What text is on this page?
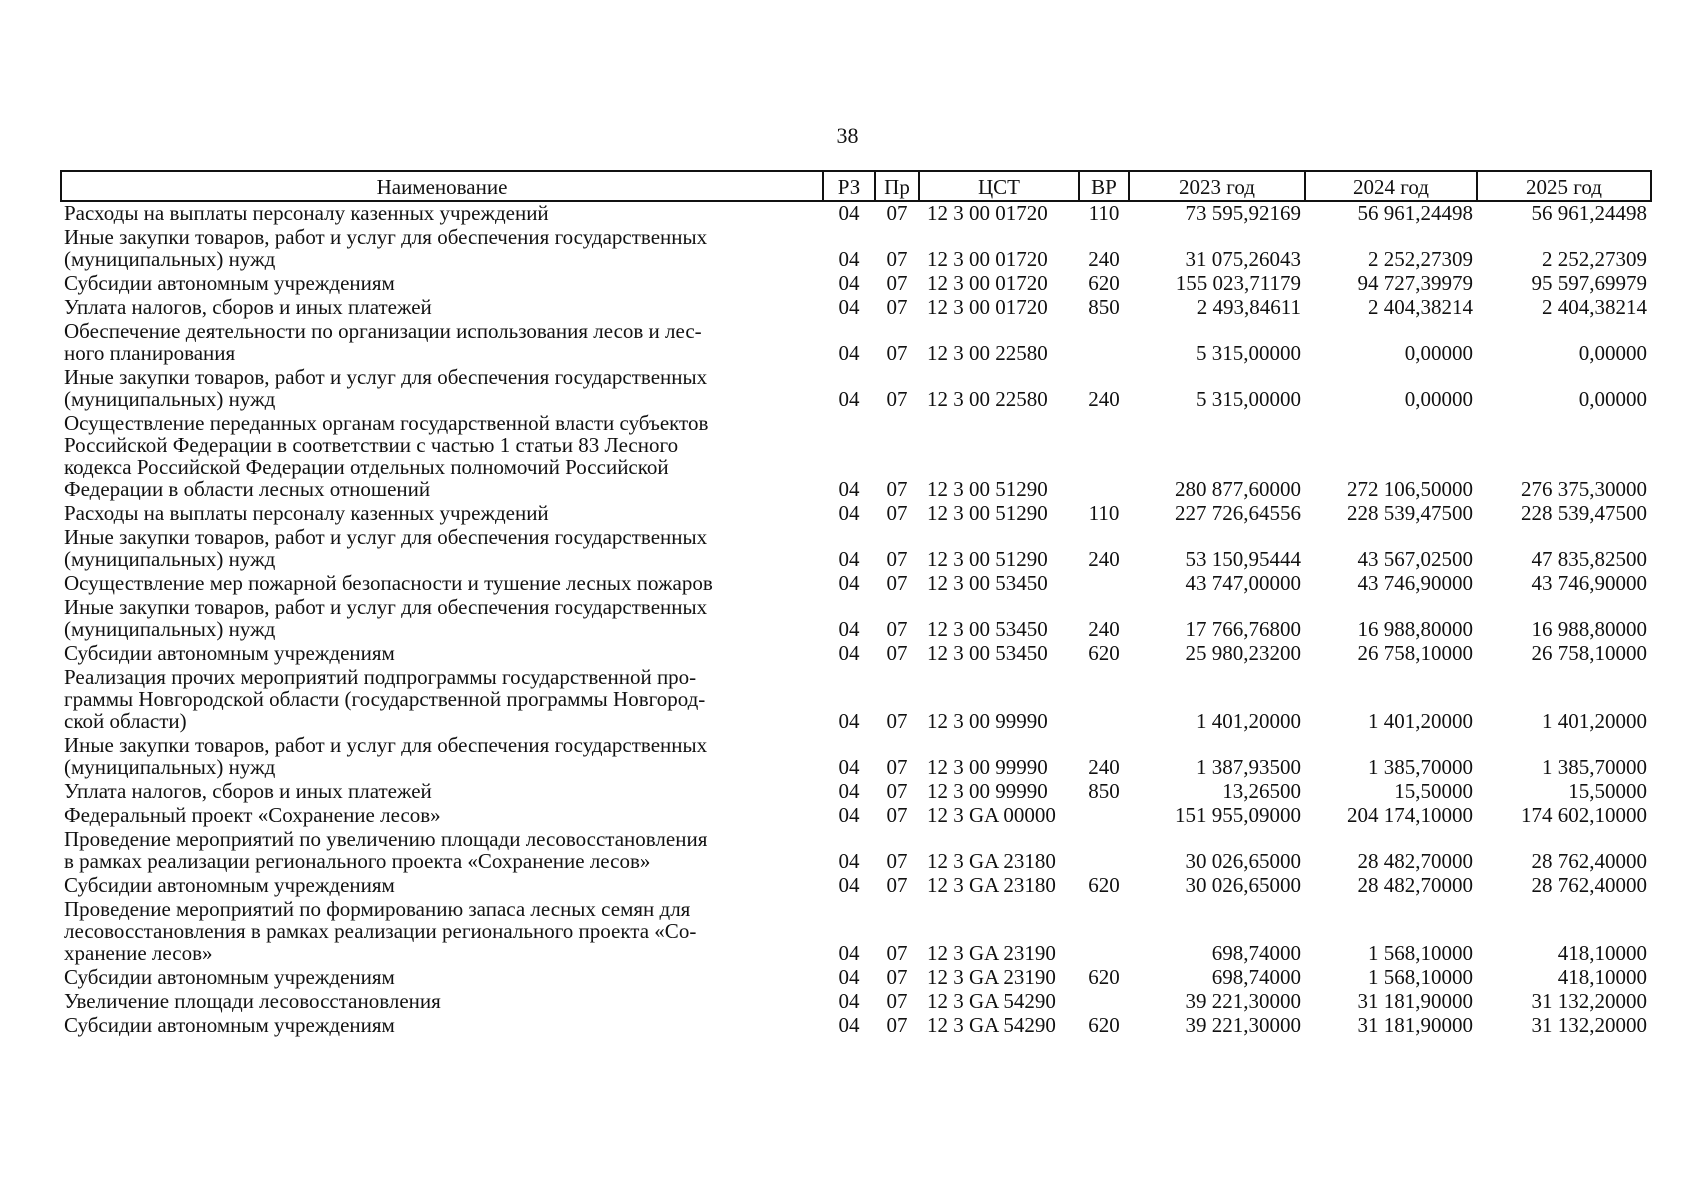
38
Наименование	РЗ	Пр	ЦСТ	ВР	2023 год	2024 год	2025 год
Расходы на выплаты персоналу казенных учреждений	04	07	12 3 00 01720	110	73 595,92169	56 961,24498	56 961,24498
Иные закупки товаров, работ и услуг для обеспечения государственных
(муниципальных) нужд	04	07	12 3 00 01720	240	31 075,26043	2 252,27309	2 252,27309
Субсидии автономным учреждениям	04	07	12 3 00 01720	620	155 023,71179	94 727,39979	95 597,69979
Уплата налогов, сборов и иных платежей	04	07	12 3 00 01720	850	2 493,84611	2 404,38214	2 404,38214
Обеспечение деятельности по организации использования лесов и лес-
ного планирования	04	07	12 3 00 22580		5 315,00000	0,00000	0,00000
Иные закупки товаров, работ и услуг для обеспечения государственных
(муниципальных) нужд	04	07	12 3 00 22580	240	5 315,00000	0,00000	0,00000
Осуществление переданных органам государственной власти субъектов
Российской Федерации в соответствии с частью 1 статьи 83 Лесного
кодекса Российской Федерации отдельных полномочий Российской
Федерации в области лесных отношений	04	07	12 3 00 51290		280 877,60000	272 106,50000	276 375,30000
Расходы на выплаты персоналу казенных учреждений	04	07	12 3 00 51290	110	227 726,64556	228 539,47500	228 539,47500
Иные закупки товаров, работ и услуг для обеспечения государственных
(муниципальных) нужд	04	07	12 3 00 51290	240	53 150,95444	43 567,02500	47 835,82500
Осуществление мер пожарной безопасности и тушение лесных пожаров	04	07	12 3 00 53450		43 747,00000	43 746,90000	43 746,90000
Иные закупки товаров, работ и услуг для обеспечения государственных
(муниципальных) нужд	04	07	12 3 00 53450	240	17 766,76800	16 988,80000	16 988,80000
Субсидии автономным учреждениям	04	07	12 3 00 53450	620	25 980,23200	26 758,10000	26 758,10000
Реализация прочих мероприятий подпрограммы государственной про-
граммы Новгородской области (государственной программы Новгород-
ской области)	04	07	12 3 00 99990		1 401,20000	1 401,20000	1 401,20000
Иные закупки товаров, работ и услуг для обеспечения государственных
(муниципальных) нужд	04	07	12 3 00 99990	240	1 387,93500	1 385,70000	1 385,70000
Уплата налогов, сборов и иных платежей	04	07	12 3 00 99990	850	13,26500	15,50000	15,50000
Федеральный проект «Сохранение лесов»	04	07	12 3 GA 00000		151 955,09000	204 174,10000	174 602,10000
Проведение мероприятий по увеличению площади лесовосстановления
в рамках реализации регионального проекта «Сохранение лесов»	04	07	12 3 GA 23180		30 026,65000	28 482,70000	28 762,40000
Субсидии автономным учреждениям	04	07	12 3 GA 23180	620	30 026,65000	28 482,70000	28 762,40000
Проведение мероприятий по формированию запаса лесных семян для
лесовосстановления в рамках реализации регионального проекта «Со-
хранение лесов»	04	07	12 3 GA 23190		698,74000	1 568,10000	418,10000
Субсидии автономным учреждениям	04	07	12 3 GA 23190	620	698,74000	1 568,10000	418,10000
Увеличение площади лесовосстановления	04	07	12 3 GA 54290		39 221,30000	31 181,90000	31 132,20000
Субсидии автономным учреждениям	04	07	12 3 GA 54290	620	39 221,30000	31 181,90000	31 132,20000
